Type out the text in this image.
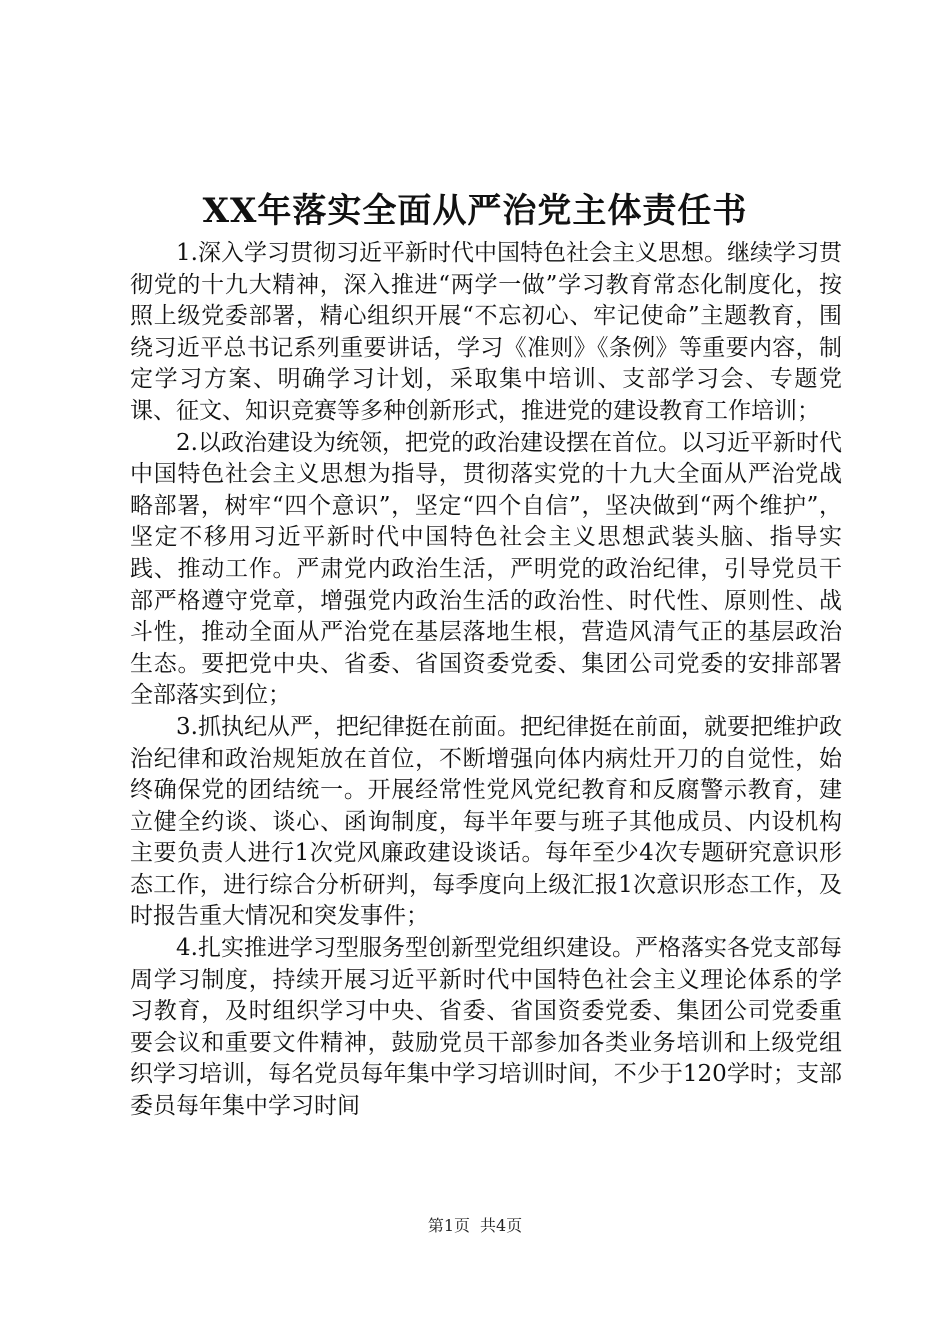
XX年落实全面从严治党主体责任书

1.深入学习贯彻习近平新时代中国特色社会主义思想。继续学习贯彻党的十九大精神，深入推进“两学一做”学习教育常态化制度化，按照上级党委部署，精心组织开展“不忘初心、牢记使命”主题教育，围绕习近平总书记系列重要讲话，学习《准则》《条例》等重要内容，制定学习方案、明确学习计划，采取集中培训、支部学习会、专题党课、征文、知识竞赛等多种创新形式，推进党的建设教育工作培训；

2.以政治建设为统领，把党的政治建设摆在首位。以习近平新时代中国特色社会主义思想为指导，贯彻落实党的十九大全面从严治党战略部署，树牢“四个意识”，坚定“四个自信”，坚决做到“两个维护”，坚定不移用习近平新时代中国特色社会主义思想武装头脑、指导实践、推动工作。严肃党内政治生活，严明党的政治纪律，引导党员干部严格遵守党章，增强党内政治生活的政治性、时代性、原则性、战斗性，推动全面从严治党在基层落地生根，营造风清气正的基层政治生态。要把党中央、省委、省国资委党委、集团公司党委的安排部署全部落实到位；

3.抓执纪从严，把纪律挺在前面。把纪律挺在前面，就要把维护政治纪律和政治规矩放在首位，不断增强向体内病灶开刀的自觉性，始终确保党的团结统一。开展经常性党风党纪教育和反腐警示教育，建立健全约谈、谈心、函询制度，每半年要与班子其他成员、内设机构主要负责人进行1次党风廉政建设谈话。每年至少4次专题研究意识形态工作，进行综合分析研判，每季度向上级汇报1次意识形态工作，及时报告重大情况和突发事件；

4.扎实推进学习型服务型创新型党组织建设。严格落实各党支部每周学习制度，持续开展习近平新时代中国特色社会主义理论体系的学习教育，及时组织学习中央、省委、省国资委党委、集团公司党委重要会议和重要文件精神，鼓励党员干部参加各类业务培训和上级党组织学习培训，每名党员每年集中学习培训时间，不少于120学时；支部委员每年集中学习时间

第1页 共4页
